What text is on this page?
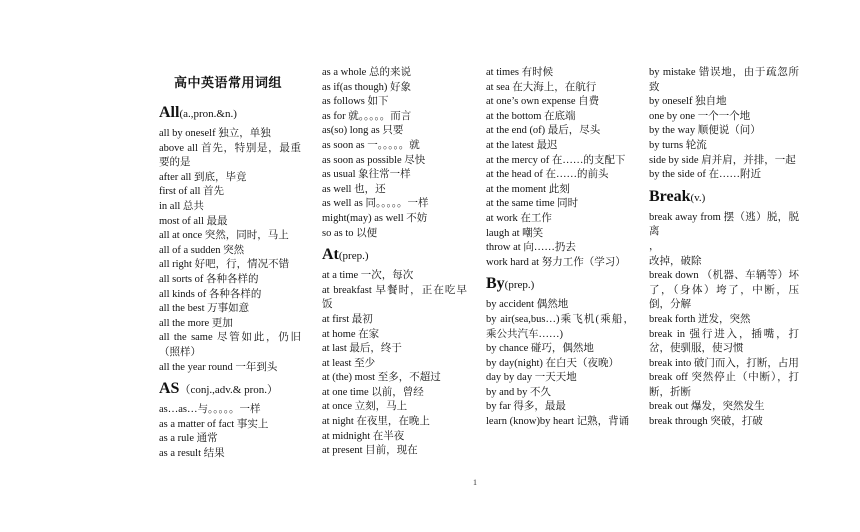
高中英语常用词组
All(a.,pron.&n.)
all by oneself 独立，单独
above all 首先，特别是，最重要的是
after all 到底，毕竟
first of all 首先
in all 总共
most of all 最最
all at once 突然，同时，马上
all of a sudden 突然
all right 好吧，行，情况不错
all sorts of 各种各样的
all kinds of 各种各样的
all the best 万事如意
all the more 更加
all the same 尽管如此，仍旧（照样）
all the year round 一年到头
AS（conj.,adv.& pron.）
as…as…与。。。。。一样
as a matter of fact 事实上
as a rule 通常
as a result 结果
as a whole 总的来说
as if(as though) 好象
as follows 如下
as for 就。。。。。而言
as(so) long as 只要
as soon as 一。。。。。就
as soon as possible 尽快
as usual 象往常一样
as well 也，还
as well as 同。。。。。一样
might(may) as well 不妨
so as to 以便
At(prep.)
at a time 一次，每次
at breakfast 早餐时，正在吃早饭
at first 最初
at home 在家
at last 最后，终于
at least 至少
at (the) most 至多，不超过
at one time 以前，曾经
at once 立刻，马上
at night 在夜里，在晚上
at midnight 在半夜
at present 目前，现在
at times 有时候
at sea 在大海上，在航行
at one’s own expense 自费
at the bottom 在底端
at the end (of) 最后，尽头
at the latest 最迟
at the mercy of 在……的支配下
at the head of 在……的前头
at the moment 此刻
at the same time 同时
at work 在工作
laugh at 嘲笑
throw at 向……扔去
work hard at 努力工作（学习）
By(prep.)
by accident 偶然地
by air(sea,bus…)乘飞机(乘船，乘公共汽车……)
by chance 碰巧，偶然地
by day(night) 在白天（夜晚）
day by day 一天天地
by and by 不久
by far 得多，最最
learn (know)by heart 记熟，背诵
by mistake 错误地，由于疏忽所致
by oneself 独自地
one by one 一个一个地
by the way 顺便说（问）
by turns 轮流
side by side 肩并肩，并排，一起
by the side of 在……附近
Break(v.)
break away from 摆（逃）脱，脱离
，
改掉，破除
break down （机器、车辆等）坏了，（身体）垮了，中断，压倒，分解
break forth 迸发，突然
break in 强行进入，插嘴，打岔，使驯服，使习惯
break into 破门而入，打断，占用
break off 突然停止（中断），打断，折断
break out 爆发，突然发生
break through 突破，打破
1
